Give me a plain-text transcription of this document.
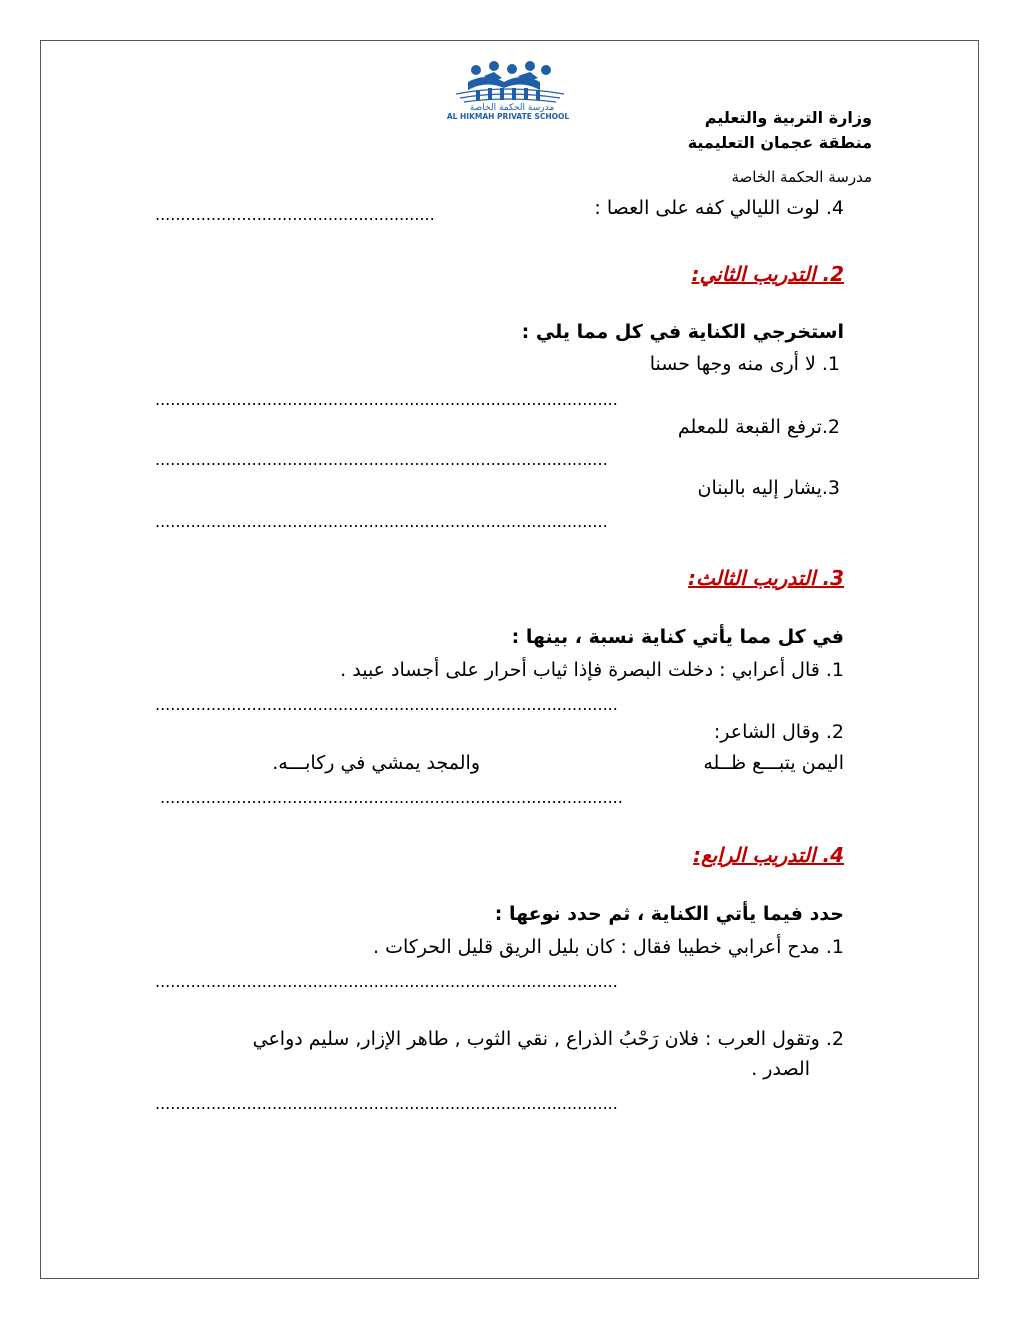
مدرسة الحكمة الخاصة
AL HIKMAH PRIVATE SCHOOL	وزارة التربية والتعليم
منطقة عجمان التعليمية
مدرسة الحكمة الخاصة
4. لوت الليالي كفه على العصا :
.......................................................
2. التدريب الثاني:
استخرجي الكناية في كل مما يلي :
1. لا أرى منه وجها حسنا
...........................................................................................
2.ترفع القبعة للمعلم
.........................................................................................
3.يشار إليه بالبنان
.........................................................................................
3. التدريب الثالث:
في كل مما يأتي كناية نسبة ، بينها :
1. قال أعرابي : دخلت البصرة فإذا ثياب أحرار على أجساد عبيد .
...........................................................................................
2. وقال الشاعر:
اليمن يتبـــع ظــله
والمجد يمشي في ركابـــه.
...........................................................................................
4. التدريب الرابع:
حدد فيما يأتي الكناية ، ثم حدد نوعها :
1. مدح أعرابي خطيبا فقال : كان بليل الريق قليل الحركات .
...........................................................................................
2. وتقول العرب : فلان رَحْبُ الذراع , نقي الثوب , طاهر الإزار, سليم دواعي
الصدر .
...........................................................................................
